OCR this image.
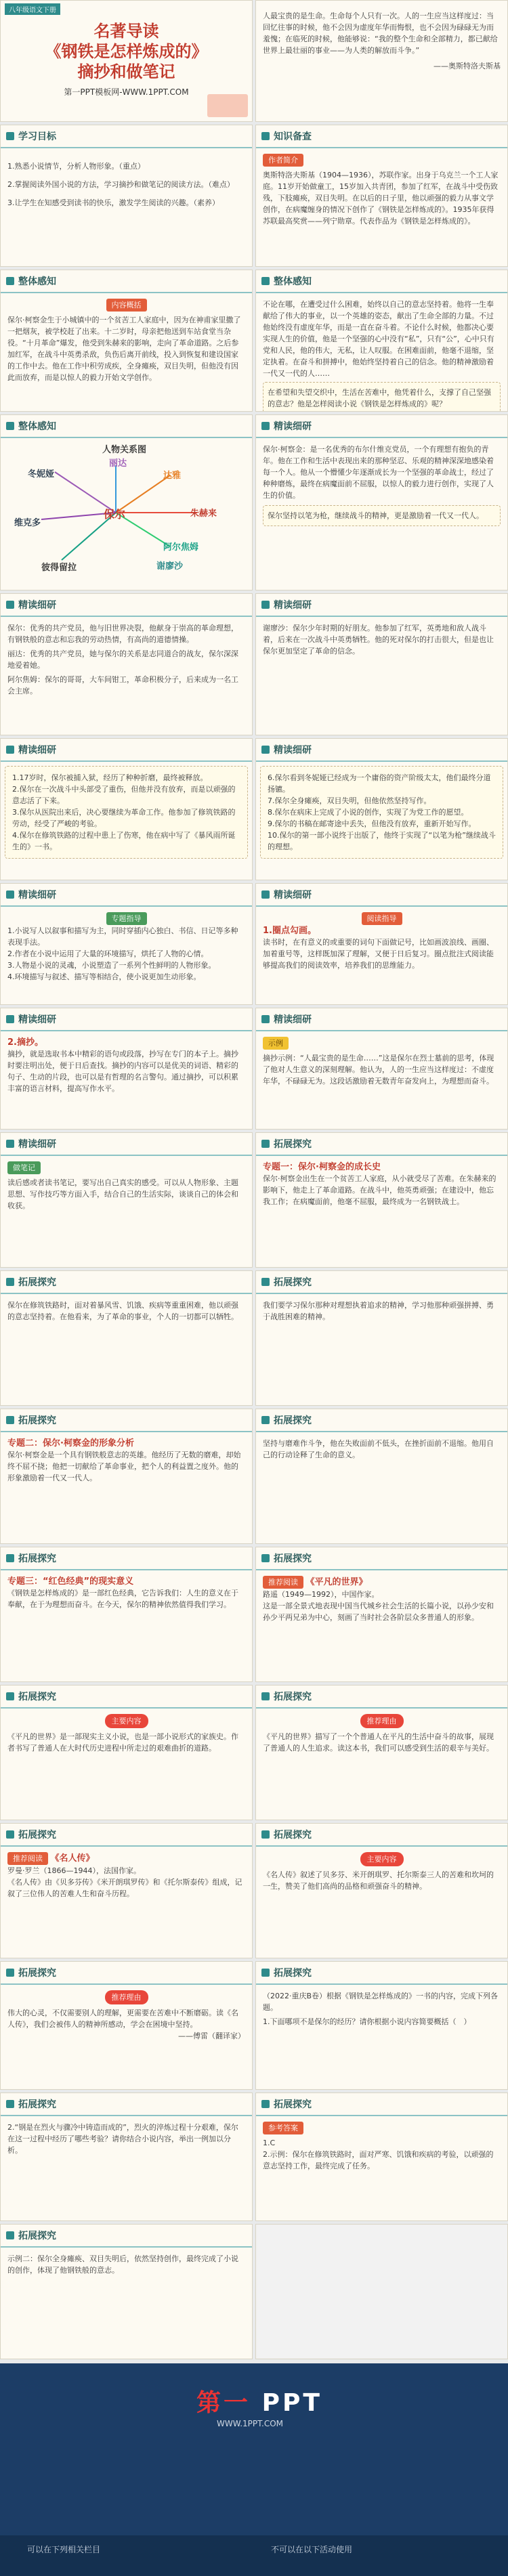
八年级语文下册
名著导读
《钢铁是怎样炼成的》
摘抄和做笔记
第一PPT模板网-WWW.1PPT.COM
人最宝贵的是生命。生命每个人只有一次。人的一生应当这样度过：当回忆往事的时候，他不会因为虚度年华而悔恨，也不会因为碌碌无为而羞愧；在临死的时候，他能够说：“我的整个生命和全部精力，都已献给世界上最壮丽的事业——为人类的解放而斗争。”
——奥斯特洛夫斯基
学习目标
1.熟悉小说情节，分析人物形象。（重点）
2.掌握阅读外国小说的方法，学习摘抄和做笔记的阅读方法。（难点）
3.让学生在知感受到读书的快乐，激发学生阅读的兴趣。（素养）
知识备查
作者简介
奥斯特洛夫斯基（1904—1936），苏联作家。出身于乌克兰一个工人家庭。11岁开始做童工，15岁加入共青团，参加了红军，在战斗中受伤致残，下肢瘫痪，双目失明。在以后的日子里，他以顽强的毅力从事文学创作，在病魔缠身的情况下创作了《钢铁是怎样炼成的》。1935年获得苏联最高奖赏——列宁勋章。代表作品为《钢铁是怎样炼成的》。
整体感知
内容概括
保尔·柯察金生于小城镇中的一个贫苦工人家庭中，因为在神甫家里撒了一把烟灰，被学校赶了出来。十二岁时，母亲把他送到车站食堂当杂役。“十月革命”爆发，他受到朱赫来的影响，走向了革命道路。之后参加红军，在战斗中英勇杀敌，负伤后离开前线，投入到恢复和建设国家的工作中去。他在工作中积劳成疾，全身瘫痪，双目失明，但他没有因此而放弃，而是以惊人的毅力开始文学创作。
整体感知
不论在哪，在遭受过什么困难，始终以自己的意志坚持着。他将一生奉献给了伟大的事业，以一个英雄的姿态，献出了生命全部的力量。不过他始终没有虚度年华，而是一直在奋斗着。不论什么时候，他都决心要实现人生的价值，他是一个坚强的心中没有“私”，只有“公”，心中只有党和人民，他的伟大，无私，让人叹服。在困难面前，他毫不退缩，坚定执着。在奋斗和拼搏中，他始终坚持着自己的信念。他的精神激励着一代又一代的人……
在希望和失望交织中，生活在苦难中，他凭着什么，支撑了自己坚强的意志？他是怎样阅读小说《钢铁是怎样炼成的》呢？
整体感知
人物关系图
保尔
冬妮娅
丽达
达雅
朱赫来
阿尔焦姆
谢廖沙
彼得留拉
维克多
精读细研
保尔·柯察金：是一名优秀的布尔什维克党员，一个有理想有抱负的青年。他在工作和生活中表现出来的那种坚忍、乐观的精神深深地感染着每一个人。他从一个懵懂少年逐渐成长为一个坚强的革命战士，经过了种种磨炼，最终在病魔面前不屈服，以惊人的毅力进行创作，实现了人生的价值。
保尔坚持以笔为枪，继续战斗的精神，更是激励着一代又一代人。
精读细研
保尔：优秀的共产党员，他与旧世界决裂，他献身于崇高的革命理想，有钢铁般的意志和忘我的劳动热情，有高尚的道德情操。
丽达：优秀的共产党员，她与保尔的关系是志同道合的战友，保尔深深地爱着她。
阿尔焦姆：保尔的哥哥，大车间钳工，革命积极分子，后来成为一名工会主席。
精读细研
谢廖沙：保尔少年时期的好朋友。他参加了红军，英勇地和敌人战斗着，后来在一次战斗中英勇牺牲。他的死对保尔的打击很大，但是也让保尔更加坚定了革命的信念。
精读细研
1.17岁时，保尔被捕入狱，经历了种种折磨，最终被释放。
2.保尔在一次战斗中头部受了重伤，但他并没有放弃，而是以顽强的意志活了下来。
3.保尔从医院出来后，决心要继续为革命工作。他参加了修筑铁路的劳动，经受了严峻的考验。
4.保尔在修筑铁路的过程中患上了伤寒，他在病中写了《暴风雨所诞生的》一书。
精读细研
6.保尔看到冬妮娅已经成为一个庸俗的资产阶级太太，他们最终分道扬镳。
7.保尔全身瘫痪，双目失明，但他依然坚持写作。
8.保尔在病床上完成了小说的创作，实现了为党工作的愿望。
9.保尔的书稿在邮寄途中丢失，但他没有放弃，重新开始写作。
10.保尔的第一部小说终于出版了，他终于实现了“以笔为枪”继续战斗的理想。
精读细研
专题指导
1.小说写人以叙事和描写为主，同时穿插内心独白、书信、日记等多种表现手法。
2.作者在小说中运用了大量的环境描写，烘托了人物的心情。
3.人物是小说的灵魂，小说塑造了一系列个性鲜明的人物形象。
4.环境描写与叙述、描写等相结合，使小说更加生动形象。
精读细研
阅读指导
1.圈点勾画。
读书时，在有意义的或重要的词句下面做记号，比如画波浪线、画圈、加着重号等，这样既加深了理解，又便于日后复习。圈点批注式阅读能够提高我们的阅读效率，培养我们的思维能力。
精读细研
2.摘抄。
摘抄，就是选取书本中精彩的语句或段落，抄写在专门的本子上。摘抄时要注明出处，便于日后查找。摘抄的内容可以是优美的词语、精彩的句子、生动的片段，也可以是有哲理的名言警句。通过摘抄，可以积累丰富的语言材料，提高写作水平。
精读细研
示例
摘抄示例：“人最宝贵的是生命……”这是保尔在烈士墓前的思考，体现了他对人生意义的深刻理解。他认为，人的一生应当这样度过：不虚度年华，不碌碌无为。这段话激励着无数青年奋发向上，为理想而奋斗。
精读细研
做笔记
读后感或者读书笔记，要写出自己真实的感受。可以从人物形象、主题思想、写作技巧等方面入手，结合自己的生活实际，谈谈自己的体会和收获。
拓展探究
专题一：保尔·柯察金的成长史
保尔·柯察金出生在一个贫苦工人家庭，从小就受尽了苦难。在朱赫来的影响下，他走上了革命道路。在战斗中，他英勇顽强；在建设中，他忘我工作；在病魔面前，他毫不屈服，最终成为一名钢铁战士。
拓展探究
保尔在修筑铁路时，面对着暴风雪、饥饿、疾病等重重困难，他以顽强的意志坚持着。在他看来，为了革命的事业，个人的一切都可以牺牲。
拓展探究
我们要学习保尔那种对理想执着追求的精神，学习他那种顽强拼搏、勇于战胜困难的精神。
拓展探究
专题二：保尔·柯察金的形象分析
保尔·柯察金是一个具有钢铁般意志的英雄。他经历了无数的磨难，却始终不屈不挠；他把一切献给了革命事业，把个人的利益置之度外。他的形象激励着一代又一代人。
拓展探究
坚持与磨难作斗争，他在失败面前不低头，在挫折面前不退缩。他用自己的行动诠释了生命的意义。
拓展探究
专题三：“红色经典”的现实意义
《钢铁是怎样炼成的》是一部红色经典，它告诉我们：人生的意义在于奉献，在于为理想而奋斗。在今天，保尔的精神依然值得我们学习。
拓展探究
推荐阅读 《平凡的世界》
路遥（1949—1992），中国作家。
这是一部全景式地表现中国当代城乡社会生活的长篇小说，以孙少安和孙少平两兄弟为中心，刻画了当时社会各阶层众多普通人的形象。
拓展探究
主要内容
《平凡的世界》是一部现实主义小说，也是一部小说形式的家族史。作者书写了普通人在大时代历史进程中所走过的艰难曲折的道路。
拓展探究
推荐理由
《平凡的世界》描写了一个个普通人在平凡的生活中奋斗的故事，展现了普通人的人生追求。读这本书，我们可以感受到生活的艰辛与美好。
拓展探究
推荐阅读 《名人传》
罗曼·罗兰（1866—1944），法国作家。
《名人传》由《贝多芬传》《米开朗琪罗传》和《托尔斯泰传》组成，记叙了三位伟人的苦难人生和奋斗历程。
拓展探究
主要内容
《名人传》叙述了贝多芬、米开朗琪罗、托尔斯泰三人的苦难和坎坷的一生，赞美了他们高尚的品格和顽强奋斗的精神。
拓展探究
推荐理由
伟大的心灵，不仅需要别人的理解，更需要在苦难中不断磨砺。读《名人传》，我们会被伟人的精神所感动，学会在困境中坚持。
——傅雷（翻译家）
拓展探究
（2022·重庆B卷）根据《钢铁是怎样炼成的》一书的内容，完成下列各题。
1.下面哪项不是保尔的经历？请你根据小说内容简要概括（　）
拓展探究
2.“钢是在烈火与骤冷中铸造而成的”，烈火的淬炼过程十分艰难，保尔在这一过程中经历了哪些考验？请你结合小说内容，举出一例加以分析。
拓展探究
参考答案
1.C
2.示例：保尔在修筑铁路时，面对严寒、饥饿和疾病的考验，以顽强的意志坚持工作，最终完成了任务。
拓展探究
示例二：保尔全身瘫痪、双目失明后，依然坚持创作，最终完成了小说的创作，体现了他钢铁般的意志。
第一 PPT
WWW.1PPT.COM
可以在下列相关栏目	不可以在以下活动使用
